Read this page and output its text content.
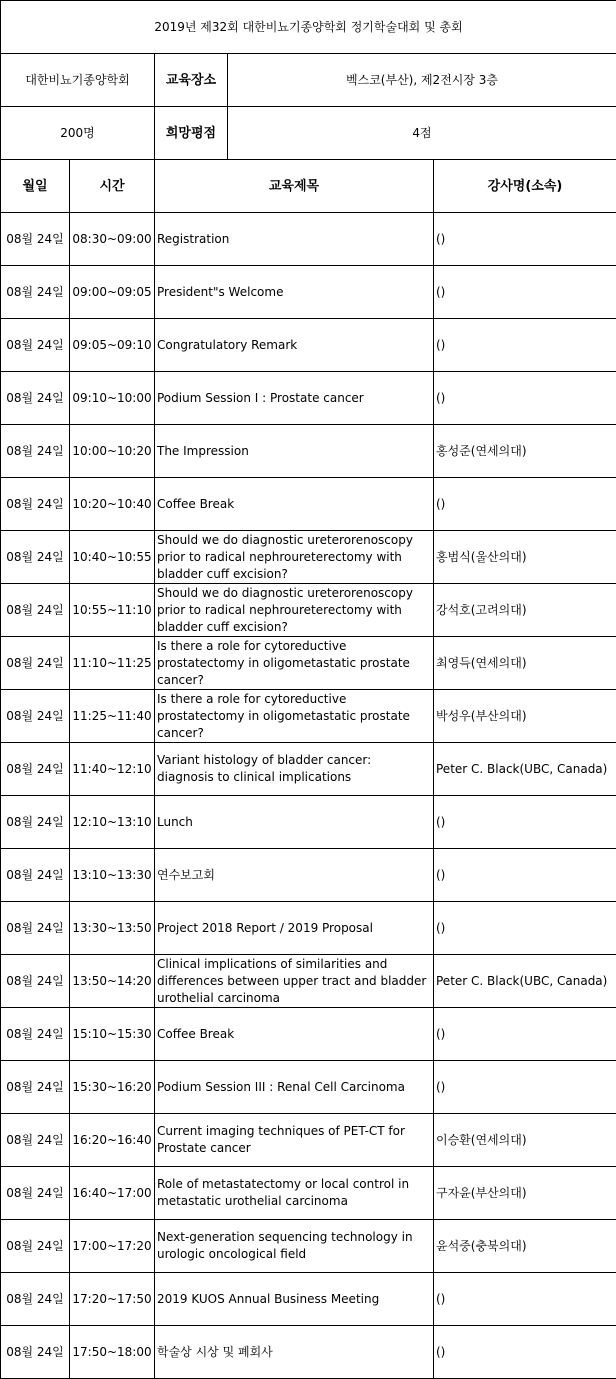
2019년 제32회 대한비뇨기종양학회 정기학술대회 및 총회				
대한비뇨기종양학회		교육장소	벡스코(부산), 제2전시장 3층	
200명		희망평점	4점	
월일	시간	교육제목		강사명(소속)
08월 24일	08:30~09:00	Registration		()
08월 24일	09:00~09:05	President"s Welcome		()
08월 24일	09:05~09:10	Congratulatory Remark		()
08월 24일	09:10~10:00	Podium Session I : Prostate cancer		()
08월 24일	10:00~10:20	The Impression		홍성준(연세의대)
08월 24일	10:20~10:40	Coffee Break		()
08월 24일	10:40~10:55	Should we do diagnostic ureterorenoscopy prior to radical nephroureterectomy with bladder cuff excision?		홍범식(울산의대)
08월 24일	10:55~11:10	Should we do diagnostic ureterorenoscopy prior to radical nephroureterectomy with bladder cuff excision?		강석호(고려의대)
08월 24일	11:10~11:25	Is there a role for cytoreductive prostatectomy in oligometastatic prostate cancer?		최영득(연세의대)
08월 24일	11:25~11:40	Is there a role for cytoreductive prostatectomy in oligometastatic prostate cancer?		박성우(부산의대)
08월 24일	11:40~12:10	Variant histology of bladder cancer: diagnosis to clinical implications		Peter C. Black(UBC, Canada)
08월 24일	12:10~13:10	Lunch		()
08월 24일	13:10~13:30	연수보고회		()
08월 24일	13:30~13:50	Project 2018 Report / 2019 Proposal		()
08월 24일	13:50~14:20	Clinical implications of similarities and differences between upper tract and bladder urothelial carcinoma		Peter C. Black(UBC, Canada)
08월 24일	15:10~15:30	Coffee Break		()
08월 24일	15:30~16:20	Podium Session III : Renal Cell Carcinoma		()
08월 24일	16:20~16:40	Current imaging techniques of PET-CT for Prostate cancer		이승환(연세의대)
08월 24일	16:40~17:00	Role of metastatectomy or local control in metastatic urothelial carcinoma		구자윤(부산의대)
08월 24일	17:00~17:20	Next-generation sequencing technology in urologic oncological field		윤석중(충북의대)
08월 24일	17:20~17:50	2019 KUOS Annual Business Meeting		()
08월 24일	17:50~18:00	학술상 시상 및 폐회사		()
